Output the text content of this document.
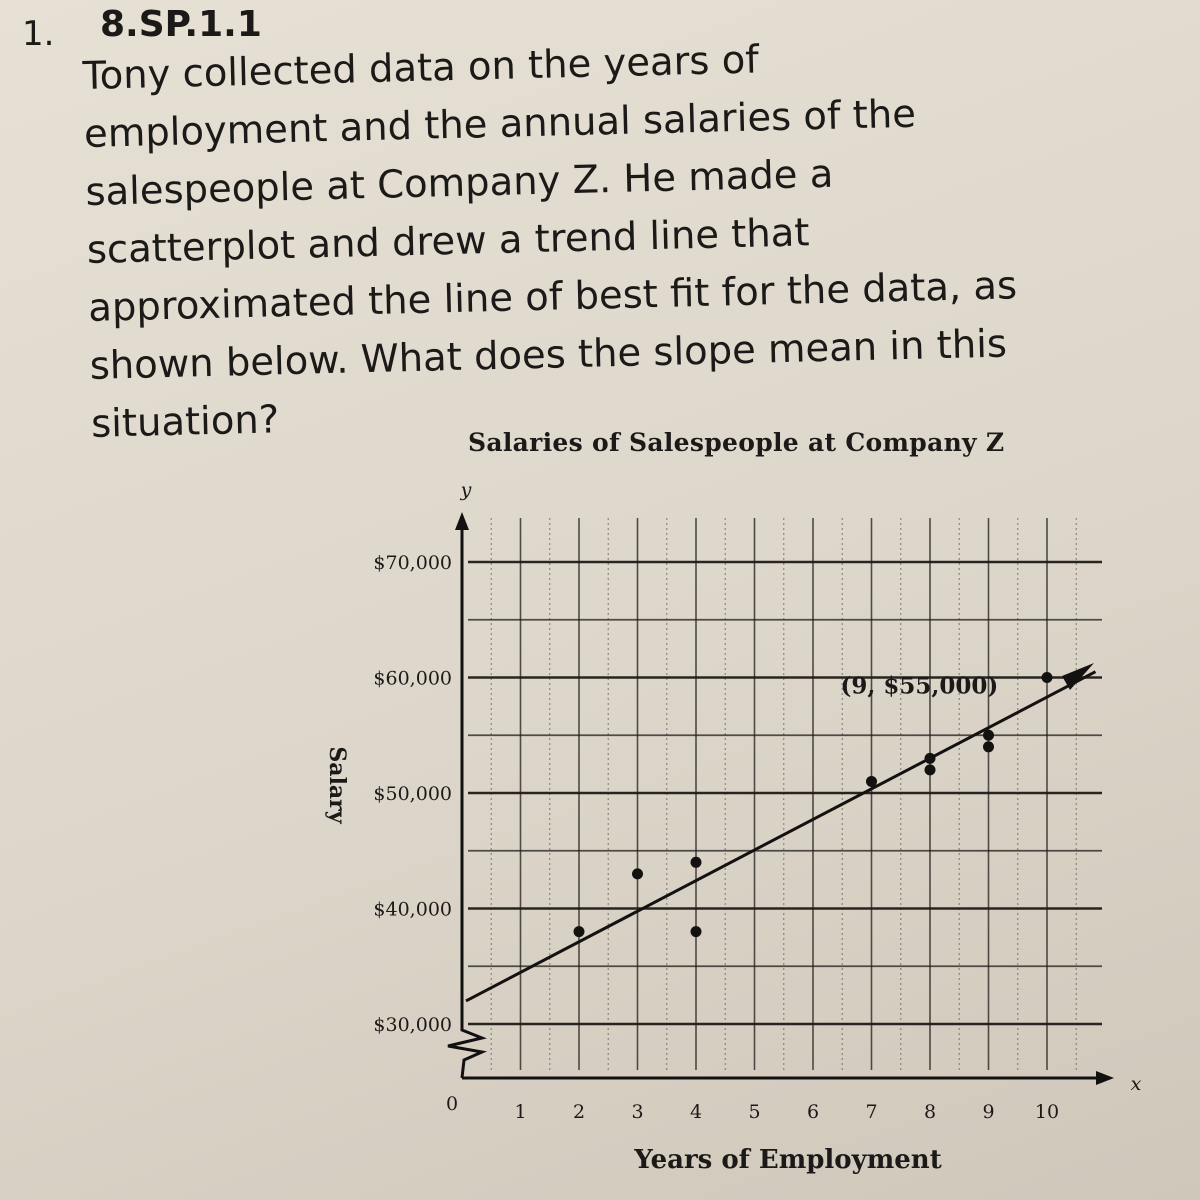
1. 8.SP.1.1
Tony collected data on the years of
employment and the annual salaries of the
salespeople at Company Z. He made a
scatterplot and drew a trend line that
approximated the line of best fit for the data, as
shown below. What does the slope mean in this
situation?	Salaries of Salespeople at Company Z
(9, $55,000)
$30,000
$40,000
$50,000
$60,000
$70,000
1 2 3 4 5 6 7 8 9 10
0
y
x
Years of Employment
Salary
